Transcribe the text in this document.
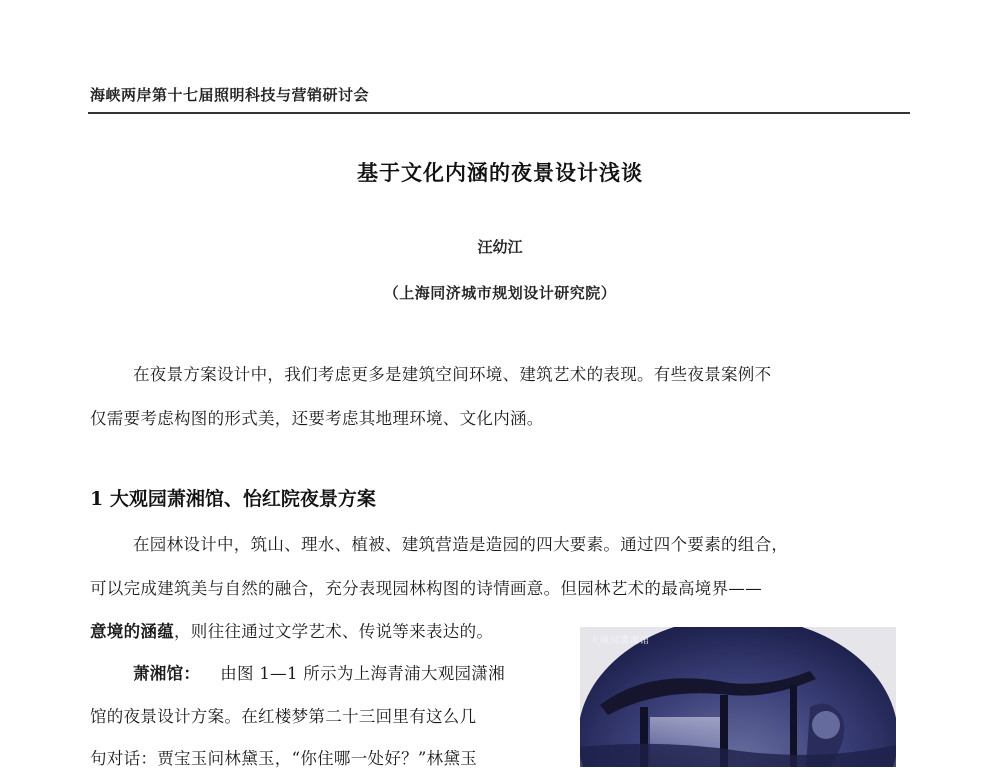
海峡两岸第十七届照明科技与营销研讨会
基于文化内涵的夜景设计浅谈
汪幼江
（上海同济城市规划设计研究院）
在夜景方案设计中，我们考虑更多是建筑空间环境、建筑艺术的表现。有些夜景案例不
仅需要考虑构图的形式美，还要考虑其地理环境、文化内涵。
1 大观园萧湘馆、怡红院夜景方案
在园林设计中，筑山、理水、植被、建筑营造是造园的四大要素。通过四个要素的组合，
可以完成建筑美与自然的融合，充分表现园林构图的诗情画意。但园林艺术的最高境界——
意境的涵蕴，则往往通过文学艺术、传说等来表达的。
萧湘馆： 由图 1—1 所示为上海青浦大观园潇湘
馆的夜景设计方案。在红楼梦第二十三回里有这么几
句对话：贾宝玉问林黛玉，“你住哪一处好？”林黛玉
大观园潇湘馆
